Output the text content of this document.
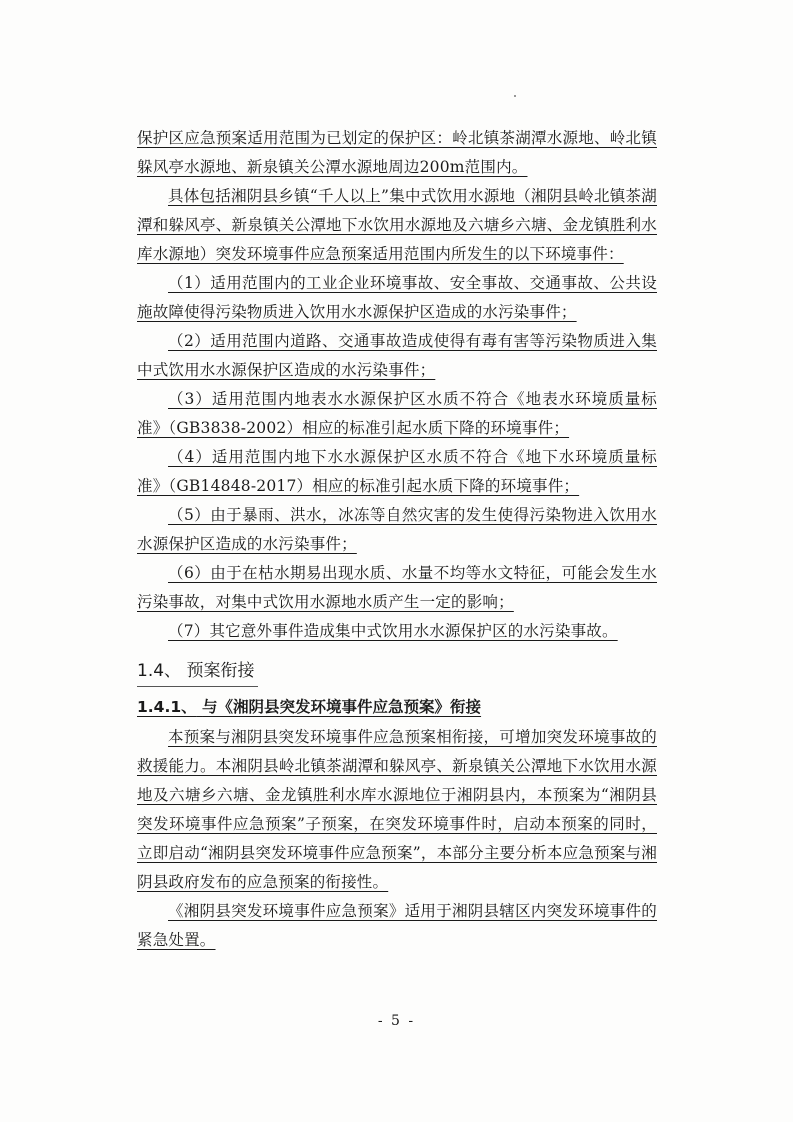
保护区应急预案适用范围为已划定的保护区：岭北镇茶湖潭水源地、岭北镇躲风亭水源地、新泉镇关公潭水源地周边200m范围内。

具体包括湘阴县乡镇“千人以上”集中式饮用水源地（湘阴县岭北镇茶湖潭和躲风亭、新泉镇关公潭地下水饮用水源地及六塘乡六塘、金龙镇胜利水库水源地）突发环境事件应急预案适用范围内所发生的以下环境事件：

（1）适用范围内的工业企业环境事故、安全事故、交通事故、公共设施故障使得污染物质进入饮用水水源保护区造成的水污染事件；

（2）适用范围内道路、交通事故造成使得有毒有害等污染物质进入集中式饮用水水源保护区造成的水污染事件；

（3）适用范围内地表水水源保护区水质不符合《地表水环境质量标准》（GB3838-2002）相应的标准引起水质下降的环境事件；

（4）适用范围内地下水水源保护区水质不符合《地下水环境质量标准》（GB14848-2017）相应的标准引起水质下降的环境事件；

（5）由于暴雨、洪水，冰冻等自然灾害的发生使得污染物进入饮用水水源保护区造成的水污染事件；

（6）由于在枯水期易出现水质、水量不均等水文特征，可能会发生水污染事故，对集中式饮用水源地水质产生一定的影响；

（7）其它意外事件造成集中式饮用水水源保护区的水污染事故。

1.4、 预案衔接
1.4.1、 与《湘阴县突发环境事件应急预案》衔接

本预案与湘阴县突发环境事件应急预案相衔接，可增加突发环境事故的救援能力。本湘阴县岭北镇茶湖潭和躲风亭、新泉镇关公潭地下水饮用水源地及六塘乡六塘、金龙镇胜利水库水源地位于湘阴县内，本预案为“湘阴县突发环境事件应急预案”子预案，在突发环境事件时，启动本预案的同时，立即启动“湘阴县突发环境事件应急预案”，本部分主要分析本应急预案与湘阴县政府发布的应急预案的衔接性。

《湘阴县突发环境事件应急预案》适用于湘阴县辖区内突发环境事件的紧急处置。

- 5 -
